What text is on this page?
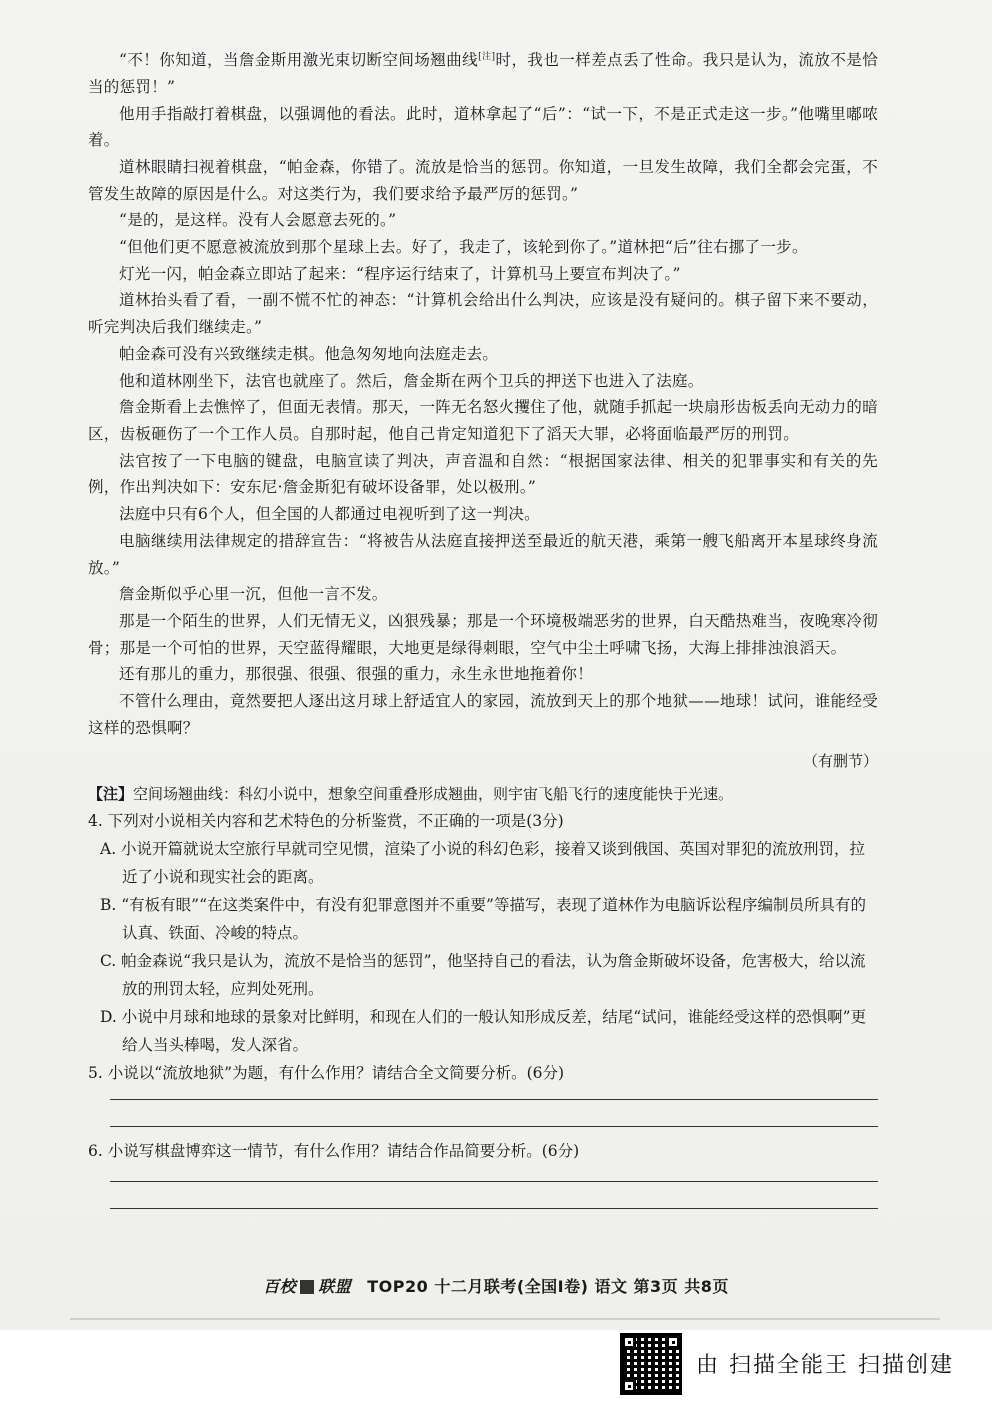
“不！你知道，当詹金斯用激光束切断空间场翘曲线[注]时，我也一样差点丢了性命。我只是认为，流放不是恰当的惩罚！”

他用手指敲打着棋盘，以强调他的看法。此时，道林拿起了“后”：“试一下，不是正式走这一步。”他嘴里嘟哝着。

道林眼睛扫视着棋盘，“帕金森，你错了。流放是恰当的惩罚。你知道，一旦发生故障，我们全都会完蛋，不管发生故障的原因是什么。对这类行为，我们要求给予最严厉的惩罚。”

“是的，是这样。没有人会愿意去死的。”

“但他们更不愿意被流放到那个星球上去。好了，我走了，该轮到你了。”道林把“后”往右挪了一步。

灯光一闪，帕金森立即站了起来：“程序运行结束了，计算机马上要宣布判决了。”

道林抬头看了看，一副不慌不忙的神态：“计算机会给出什么判决，应该是没有疑问的。棋子留下来不要动，听完判决后我们继续走。”

帕金森可没有兴致继续走棋。他急匆匆地向法庭走去。

他和道林刚坐下，法官也就座了。然后，詹金斯在两个卫兵的押送下也进入了法庭。

詹金斯看上去憔悴了，但面无表情。那天，一阵无名怒火攫住了他，就随手抓起一块扇形齿板丢向无动力的暗区，齿板砸伤了一个工作人员。自那时起，他自己肯定知道犯下了滔天大罪，必将面临最严厉的刑罚。

法官按了一下电脑的键盘，电脑宣读了判决，声音温和自然：“根据国家法律、相关的犯罪事实和有关的先例，作出判决如下：安东尼·詹金斯犯有破坏设备罪，处以极刑。”

法庭中只有6个人，但全国的人都通过电视听到了这一判决。

电脑继续用法律规定的措辞宣告：“将被告从法庭直接押送至最近的航天港，乘第一艘飞船离开本星球终身流放。”

詹金斯似乎心里一沉，但他一言不发。

那是一个陌生的世界，人们无情无义，凶狠残暴；那是一个环境极端恶劣的世界，白天酷热难当，夜晚寒冷彻骨；那是一个可怕的世界，天空蓝得耀眼，大地更是绿得刺眼，空气中尘土呼啸飞扬，大海上排排浊浪滔天。

还有那儿的重力，那很强、很强、很强的重力，永生永世地拖着你！

不管什么理由，竟然要把人逐出这月球上舒适宜人的家园，流放到天上的那个地狱——地球！试问，谁能经受这样的恐惧啊？

（有删节）

【注】空间场翘曲线：科幻小说中，想象空间重叠形成翘曲，则宇宙飞船飞行的速度能快于光速。

4. 下列对小说相关内容和艺术特色的分析鉴赏，不正确的一项是(3分)

A. 小说开篇就说太空旅行早就司空见惯，渲染了小说的科幻色彩，接着又谈到俄国、英国对罪犯的流放刑罚，拉近了小说和现实社会的距离。

B. “有板有眼”“在这类案件中，有没有犯罪意图并不重要”等描写，表现了道林作为电脑诉讼程序编制员所具有的认真、铁面、冷峻的特点。

C. 帕金森说“我只是认为，流放不是恰当的惩罚”，他坚持自己的看法，认为詹金斯破坏设备，危害极大，给以流放的刑罚太轻，应判处死刑。

D. 小说中月球和地球的景象对比鲜明，和现在人们的一般认知形成反差，结尾“试问，谁能经受这样的恐惧啊”更给人当头棒喝，发人深省。

5. 小说以“流放地狱”为题，有什么作用？请结合全文简要分析。(6分)

6. 小说写棋盘博弈这一情节，有什么作用？请结合作品简要分析。(6分)

百校 联盟 TOP20 十二月联考(全国Ⅰ卷) 语文 第3页 共8页
由 扫描全能王 扫描创建
